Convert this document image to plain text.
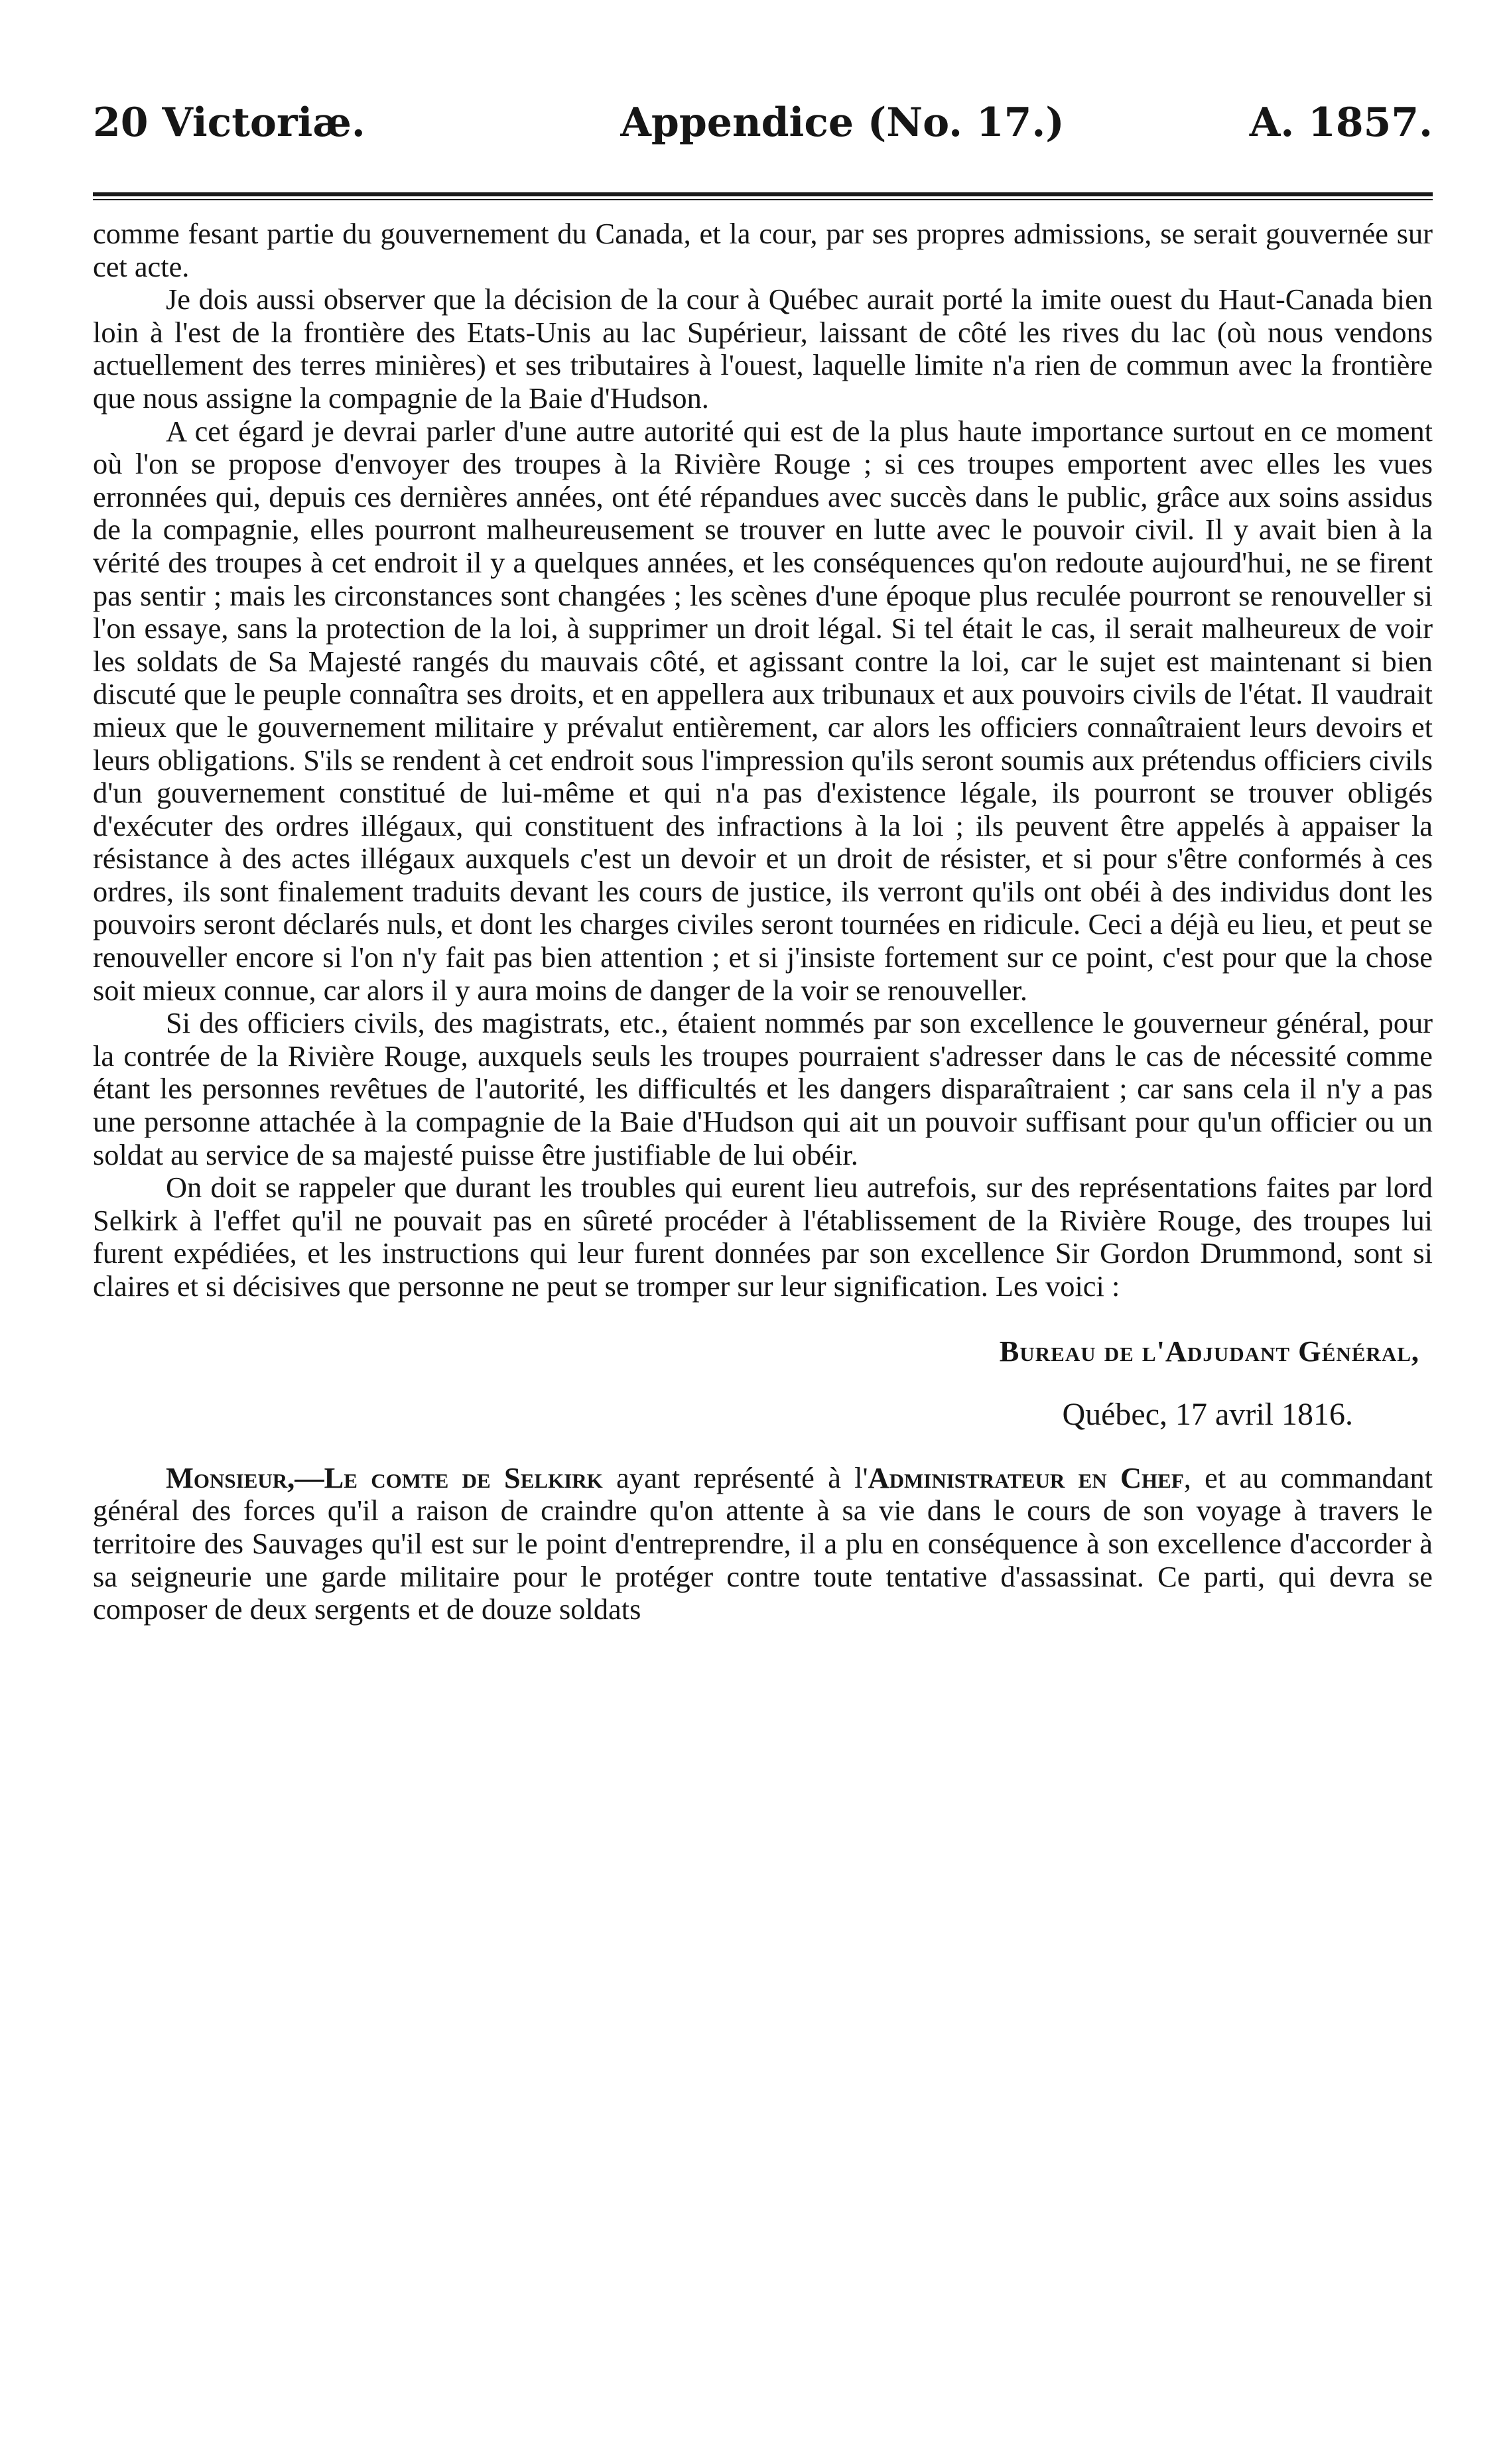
20 Victoriæ.	Appendice (No. 17.)	A. 1857.

comme fesant partie du gouvernement du Canada, et la cour, par ses propres admissions, se serait gouvernée sur cet acte.

Je dois aussi observer que la décision de la cour à Québec aurait porté la imite ouest du Haut-Canada bien loin à l'est de la frontière des Etats-Unis au lac Supérieur, laissant de côté les rives du lac (où nous vendons actuellement des terres minières) et ses tributaires à l'ouest, laquelle limite n'a rien de commun avec la frontière que nous assigne la compagnie de la Baie d'Hudson.

A cet égard je devrai parler d'une autre autorité qui est de la plus haute importance surtout en ce moment où l'on se propose d'envoyer des troupes à la Rivière Rouge ; si ces troupes emportent avec elles les vues erronnées qui, depuis ces dernières années, ont été répandues avec succès dans le public, grâce aux soins assidus de la compagnie, elles pourront malheureusement se trouver en lutte avec le pouvoir civil. Il y avait bien à la vérité des troupes à cet endroit il y a quelques années, et les conséquences qu'on redoute aujourd'hui, ne se firent pas sentir ; mais les circonstances sont changées ; les scènes d'une époque plus reculée pourront se renouveller si l'on essaye, sans la protection de la loi, à supprimer un droit légal. Si tel était le cas, il serait malheureux de voir les soldats de Sa Majesté rangés du mauvais côté, et agissant contre la loi, car le sujet est maintenant si bien discuté que le peuple connaîtra ses droits, et en appellera aux tribunaux et aux pouvoirs civils de l'état. Il vaudrait mieux que le gouvernement militaire y prévalut entièrement, car alors les officiers connaîtraient leurs devoirs et leurs obligations. S'ils se rendent à cet endroit sous l'impression qu'ils seront soumis aux prétendus officiers civils d'un gouvernement constitué de lui-même et qui n'a pas d'existence légale, ils pourront se trouver obligés d'exécuter des ordres illégaux, qui constituent des infractions à la loi ; ils peuvent être appelés à appaiser la résistance à des actes illégaux auxquels c'est un devoir et un droit de résister, et si pour s'être conformés à ces ordres, ils sont finalement traduits devant les cours de justice, ils verront qu'ils ont obéi à des individus dont les pouvoirs seront déclarés nuls, et dont les charges civiles seront tournées en ridicule. Ceci a déjà eu lieu, et peut se renouveller encore si l'on n'y fait pas bien attention ; et si j'insiste fortement sur ce point, c'est pour que la chose soit mieux connue, car alors il y aura moins de danger de la voir se renouveller.

Si des officiers civils, des magistrats, etc., étaient nommés par son excellence le gouverneur général, pour la contrée de la Rivière Rouge, auxquels seuls les troupes pourraient s'adresser dans le cas de nécessité comme étant les personnes revêtues de l'autorité, les difficultés et les dangers disparaîtraient ; car sans cela il n'y a pas une personne attachée à la compagnie de la Baie d'Hudson qui ait un pouvoir suffisant pour qu'un officier ou un soldat au service de sa majesté puisse être justifiable de lui obéir.

On doit se rappeler que durant les troubles qui eurent lieu autrefois, sur des représentations faites par lord Selkirk à l'effet qu'il ne pouvait pas en sûreté procéder à l'établissement de la Rivière Rouge, des troupes lui furent expédiées, et les instructions qui leur furent données par son excellence Sir Gordon Drummond, sont si claires et si décisives que personne ne peut se tromper sur leur signification. Les voici :

Bureau de l'Adjudant Général,

Québec, 17 avril 1816.

Monsieur,—Le comte de Selkirk ayant représenté à l'Administrateur en Chef, et au commandant général des forces qu'il a raison de craindre qu'on attente à sa vie dans le cours de son voyage à travers le territoire des Sauvages qu'il est sur le point d'entreprendre, il a plu en conséquence à son excellence d'accorder à sa seigneurie une garde militaire pour le protéger contre toute tentative d'assassinat. Ce parti, qui devra se composer de deux sergents et de douze soldats
